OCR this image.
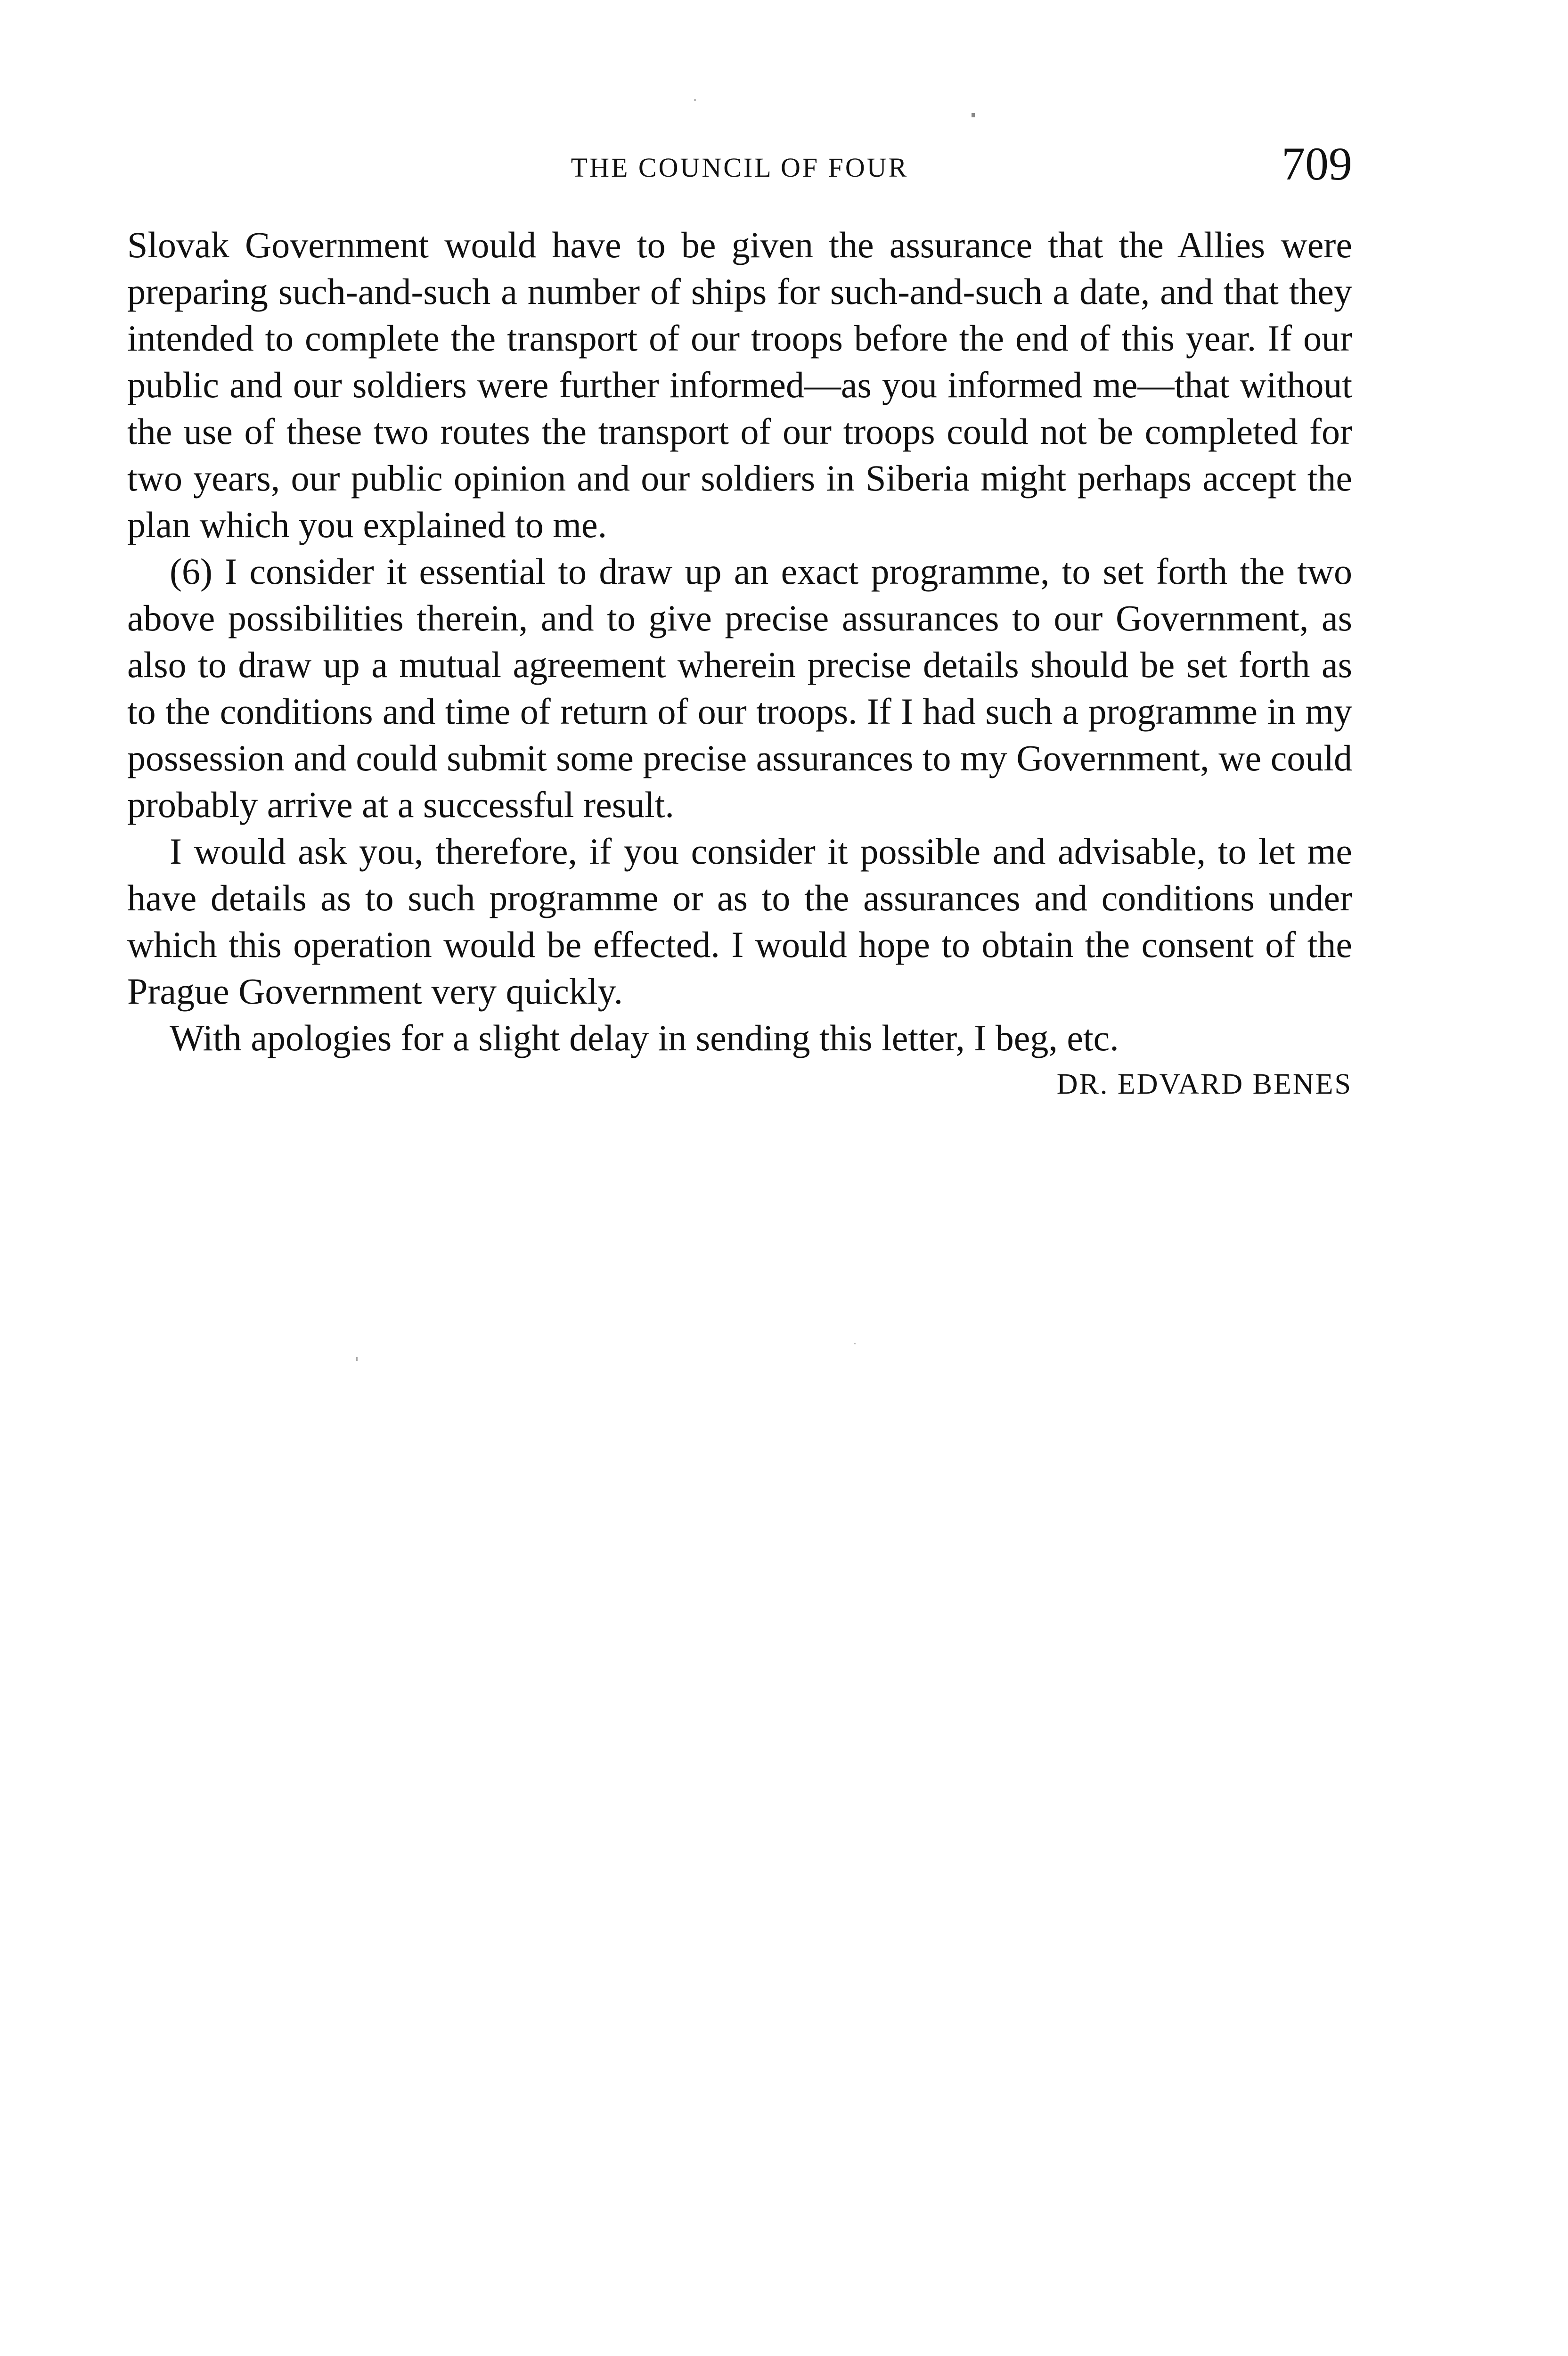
THE COUNCIL OF FOUR	709

Slovak Government would have to be given the assurance that the Allies were preparing such-and-such a number of ships for such-and-such a date, and that they intended to complete the transport of our troops before the end of this year. If our public and our soldiers were further informed—as you informed me—that without the use of these two routes the transport of our troops could not be completed for two years, our public opinion and our soldiers in Siberia might perhaps accept the plan which you explained to me.

(6) I consider it essential to draw up an exact programme, to set forth the two above possibilities therein, and to give precise assurances to our Government, as also to draw up a mutual agreement wherein precise details should be set forth as to the conditions and time of return of our troops. If I had such a programme in my possession and could submit some precise assurances to my Government, we could probably arrive at a successful result.

I would ask you, therefore, if you consider it possible and advisable, to let me have details as to such programme or as to the assurances and conditions under which this operation would be effected. I would hope to obtain the consent of the Prague Government very quickly.

With apologies for a slight delay in sending this letter, I beg, etc.

DR. EDVARD BENES
